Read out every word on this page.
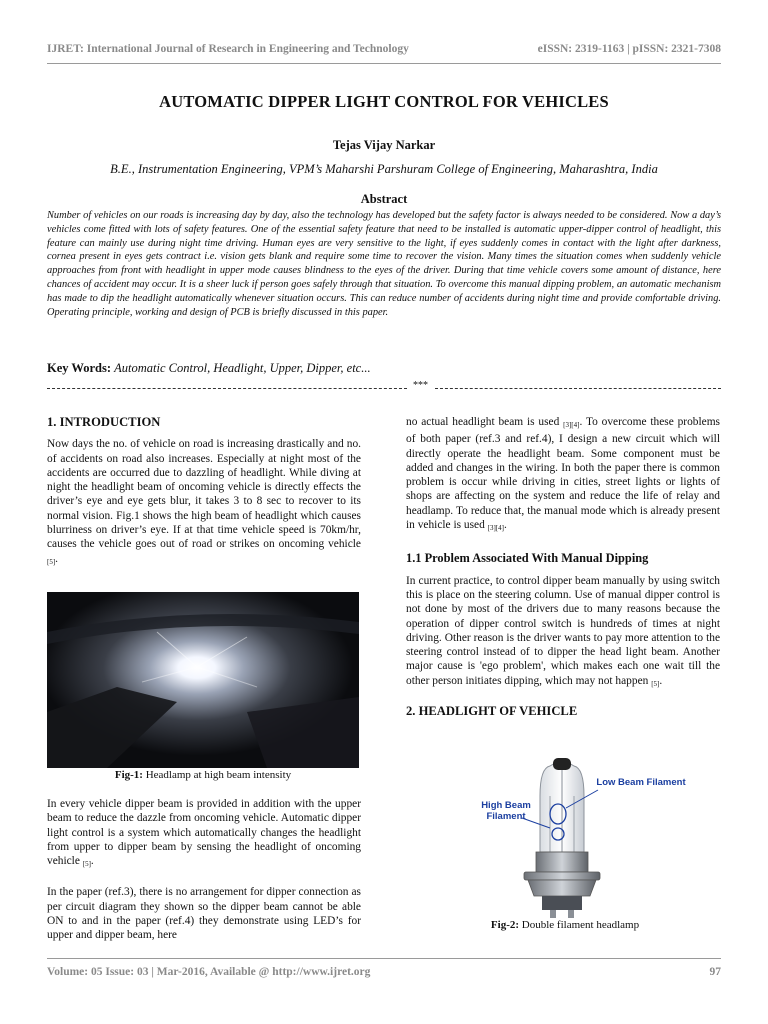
IJRET: International Journal of Research in Engineering and Technology	eISSN: 2319-1163 | pISSN: 2321-7308
AUTOMATIC DIPPER LIGHT CONTROL FOR VEHICLES
Tejas Vijay Narkar
B.E., Instrumentation Engineering, VPM’s Maharshi Parshuram College of Engineering, Maharashtra, India
Abstract

Number of vehicles on our roads is increasing day by day, also the technology has developed but the safety factor is always needed to be considered. Now a day’s vehicles come fitted with lots of safety features. One of the essential safety feature that need to be installed is automatic upper-dipper control of headlight, this feature can mainly use during night time driving. Human eyes are very sensitive to the light, if eyes suddenly comes in contact with the light after darkness, cornea present in eyes gets contract i.e. vision gets blank and require some time to recover the vision. Many times the situation comes when suddenly vehicle approaches from front with headlight in upper mode causes blindness to the eyes of the driver. During that time vehicle covers some amount of distance, here chances of accident may occur. It is a sheer luck if person goes safely through that situation. To overcome this manual dipping problem, an automatic mechanism has made to dip the headlight automatically whenever situation occurs. This can reduce number of accidents during night time and provide comfortable driving. Operating principle, working and design of PCB is briefly discussed in this paper.

Key Words: Automatic Control, Headlight, Upper, Dipper, etc...
***
1. INTRODUCTION

Now days the no. of vehicle on road is increasing drastically and no. of accidents on road also increases. Especially at night most of the accidents are occurred due to dazzling of headlight. While diving at night the headlight beam of oncoming vehicle is directly effects the driver’s eye and eye gets blur, it takes 3 to 8 sec to recover to its normal vision. Fig.1 shows the high beam of headlight which causes blurriness on driver’s eye. If at that time vehicle speed is 70km/hr, causes the vehicle goes out of road or strikes on oncoming vehicle $_{[5]}$.

Fig-1: Headlamp at high beam intensity

In every vehicle dipper beam is provided in addition with the upper beam to reduce the dazzle from oncoming vehicle. Automatic dipper light control is a system which automatically changes the headlight from upper to dipper beam by sensing the headlight of oncoming vehicle $_{[5]}$.

In the paper (ref.3), there is no arrangement for dipper connection as per circuit diagram they shown so the dipper beam cannot be able ON to and in the paper (ref.4) they demonstrate using LED’s for upper and dipper beam, here

no actual headlight beam is used $_{[3][4]}$. To overcome these problems of both paper (ref.3 and ref.4), I design a new circuit which will directly operate the headlight beam. Some component must be added and changes in the wiring. In both the paper there is common problem is occur while driving in cities, street lights or lights of shops are affecting on the system and reduce the life of relay and headlamp. To reduce that, the manual mode which is already present in vehicle is used $_{[3][4]}$.

1.1 Problem Associated With Manual Dipping

In current practice, to control dipper beam manually by using switch this is place on the steering column. Use of manual dipper control is not done by most of the drivers due to many reasons because the operation of dipper control switch is hundreds of times at night driving. Other reason is the driver wants to pay more attention to the steering control instead of to dipper the head light beam. Another major cause is 'ego problem', which makes each one wait till the other person initiates dipping, which may not happen $_{[5]}$.

2. HEADLIGHT OF VEHICLE
Low Beam Filament
High Beam Filament
Fig-2: Double filament headlamp
Volume: 05 Issue: 03 | Mar-2016, Available @ http://www.ijret.org	97
